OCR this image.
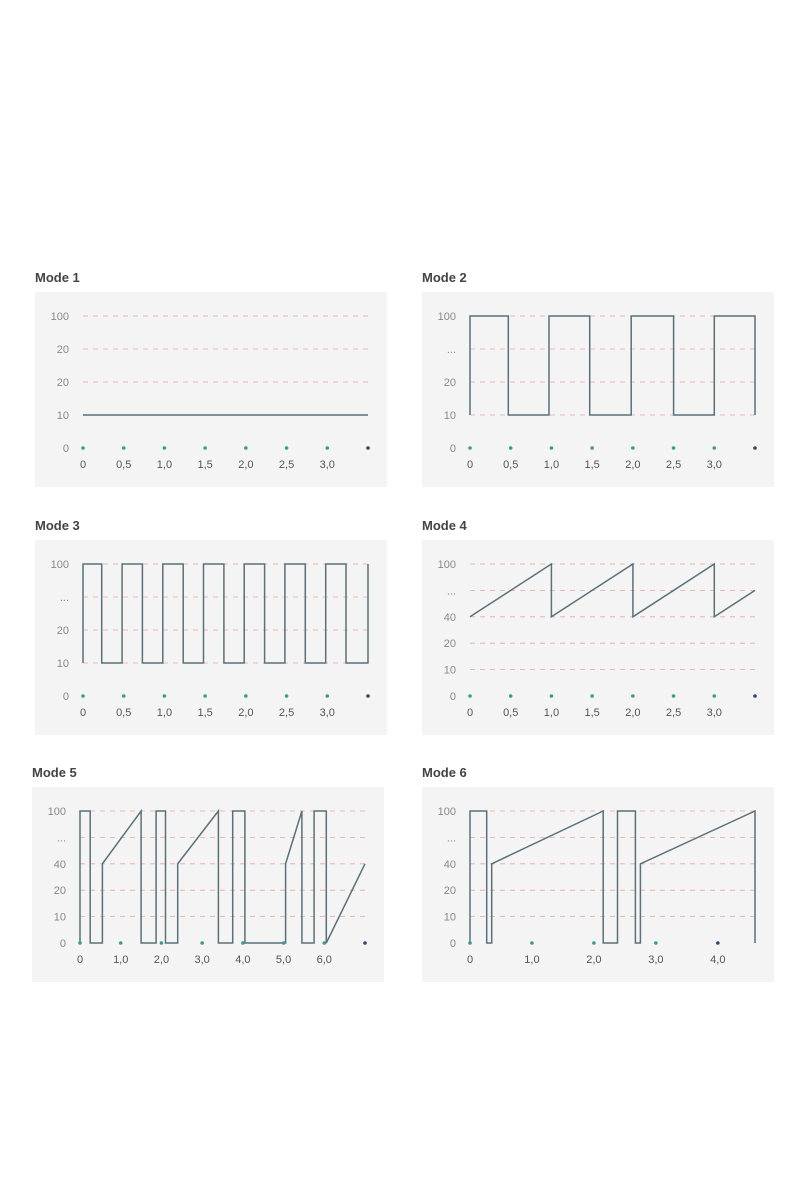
Mode 1
0
10
20
20
100
0	0,5 1,0 1,5 2,0 2,5 3,0
Mode 2
0
10
20
...
100
0	0,5 1,0 1,5 2,0 2,5 3,0
Mode 3
0
10
20
...
100
0	0,5 1,0 1,5 2,0 2,5 3,0
Mode 4
0
10
20
40
...
100
0	0,5 1,0 1,5 2,0 2,5 3,0
Mode 5
0
10
20
40
...
100
0	1,0 2,0 3,0 4,0 5,0 6,0
Mode 6
0
10
20
40
...
100
0	1,0	2,0	3,0	4,0
